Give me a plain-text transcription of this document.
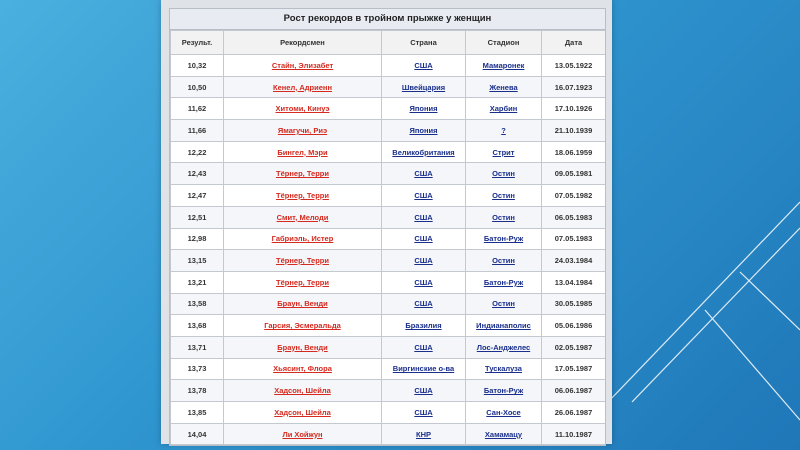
Рост рекордов в тройном прыжке у женщин
Результ.	Рекордсмен	Страна	Стадион	Дата
10,32	Стайн, Элизабет	США	Мамаронек	13.05.1922
10,50	Кенел, Адриенн	Швейцария	Женева	16.07.1923
11,62	Хитоми, Кинуэ	Япония	Харбин	17.10.1926
11,66	Ямагучи, Риэ	Япония	?	21.10.1939
12,22	Бингел, Мэри	Великобритания	Стрит	18.06.1959
12,43	Тёрнер, Терри	США	Остин	09.05.1981
12,47	Тёрнер, Терри	США	Остин	07.05.1982
12,51	Смит, Мелоди	США	Остин	06.05.1983
12,98	Габриэль, Истер	США	Батон-Руж	07.05.1983
13,15	Тёрнер, Терри	США	Остин	24.03.1984
13,21	Тёрнер, Терри	США	Батон-Руж	13.04.1984
13,58	Браун, Венди	США	Остин	30.05.1985
13,68	Гарсия, Эсмеральда	Бразилия	Индианаполис	05.06.1986
13,71	Браун, Венди	США	Лос-Анджелес	02.05.1987
13,73	Хьясинт, Флора	Виргинские о-ва	Тускалуза	17.05.1987
13,78	Хадсон, Шейла	США	Батон-Руж	06.06.1987
13,85	Хадсон, Шейла	США	Сан-Хосе	26.06.1987
14,04	Ли Хойжун	КНР	Хамамацу	11.10.1987
